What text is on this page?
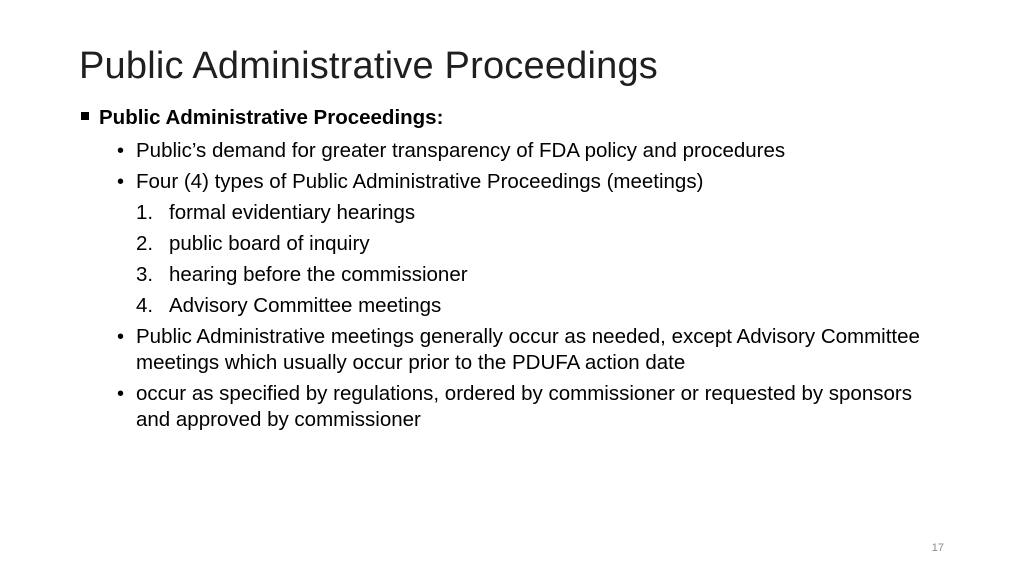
Public Administrative Proceedings
Public Administrative Proceedings:
• Public’s demand for greater transparency of FDA policy and procedures
• Four (4) types of Public Administrative Proceedings (meetings)
1. formal evidentiary hearings
2. public board of inquiry
3. hearing before the commissioner
4. Advisory Committee meetings
• Public Administrative meetings generally occur as needed, except Advisory Committee meetings which usually occur prior to the PDUFA action date
• occur as specified by regulations, ordered by commissioner or requested by sponsors and approved by commissioner
17
